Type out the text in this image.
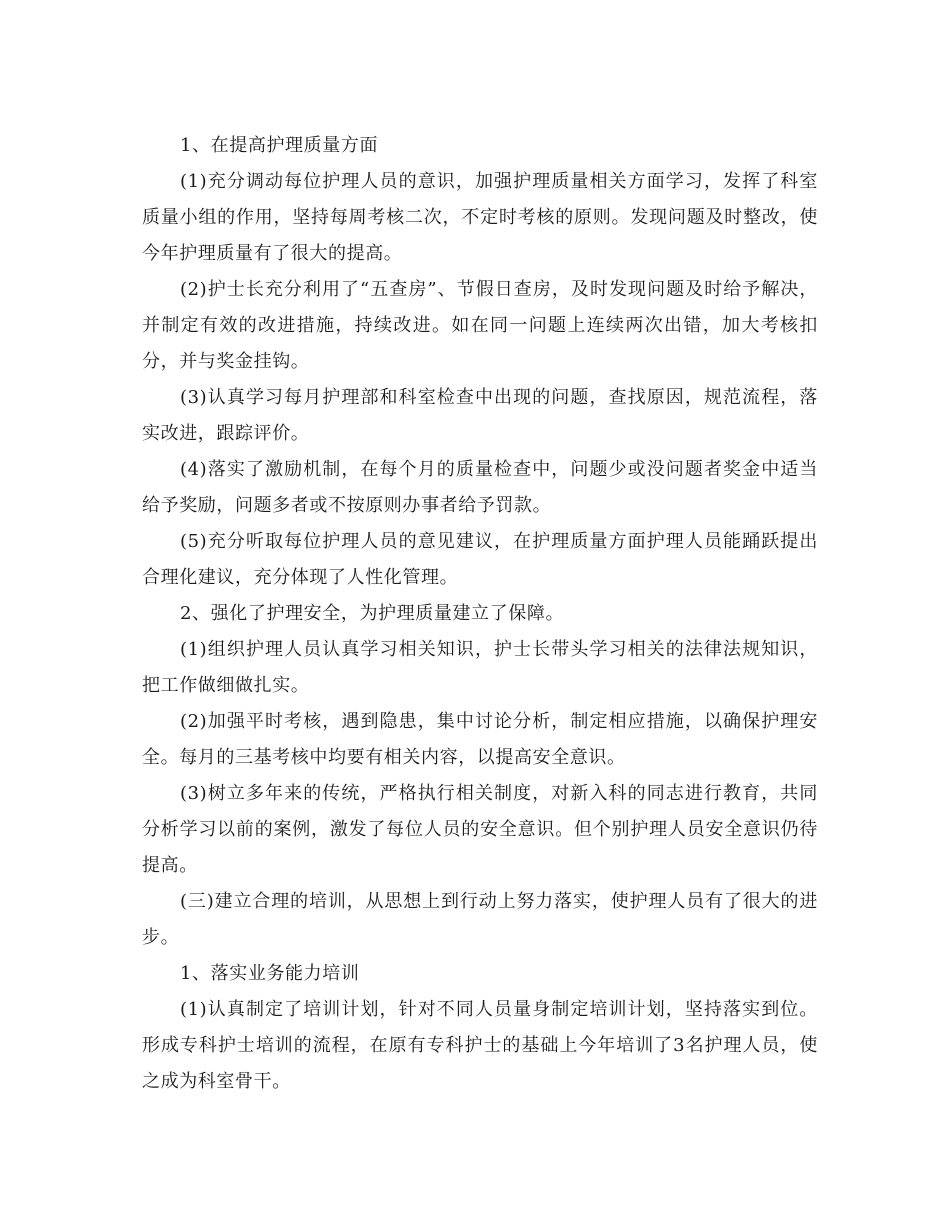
1、在提高护理质量方面

(1)充分调动每位护理人员的意识，加强护理质量相关方面学习，发挥了科室质量小组的作用，坚持每周考核二次，不定时考核的原则。发现问题及时整改，使今年护理质量有了很大的提高。

(2)护士长充分利用了“五查房”、节假日查房，及时发现问题及时给予解决，并制定有效的改进措施，持续改进。如在同一问题上连续两次出错，加大考核扣分，并与奖金挂钩。

(3)认真学习每月护理部和科室检查中出现的问题，查找原因，规范流程，落实改进，跟踪评价。

(4)落实了激励机制，在每个月的质量检查中，问题少或没问题者奖金中适当给予奖励，问题多者或不按原则办事者给予罚款。

(5)充分听取每位护理人员的意见建议，在护理质量方面护理人员能踊跃提出合理化建议，充分体现了人性化管理。

2、强化了护理安全，为护理质量建立了保障。

(1)组织护理人员认真学习相关知识，护士长带头学习相关的法律法规知识，把工作做细做扎实。

(2)加强平时考核，遇到隐患，集中讨论分析，制定相应措施，以确保护理安全。每月的三基考核中均要有相关内容，以提高安全意识。

(3)树立多年来的传统，严格执行相关制度，对新入科的同志进行教育，共同分析学习以前的案例，激发了每位人员的安全意识。但个别护理人员安全意识仍待提高。

(三)建立合理的培训，从思想上到行动上努力落实，使护理人员有了很大的进步。

1、落实业务能力培训

(1)认真制定了培训计划，针对不同人员量身制定培训计划，坚持落实到位。形成专科护士培训的流程，在原有专科护士的基础上今年培训了3名护理人员，使之成为科室骨干。
